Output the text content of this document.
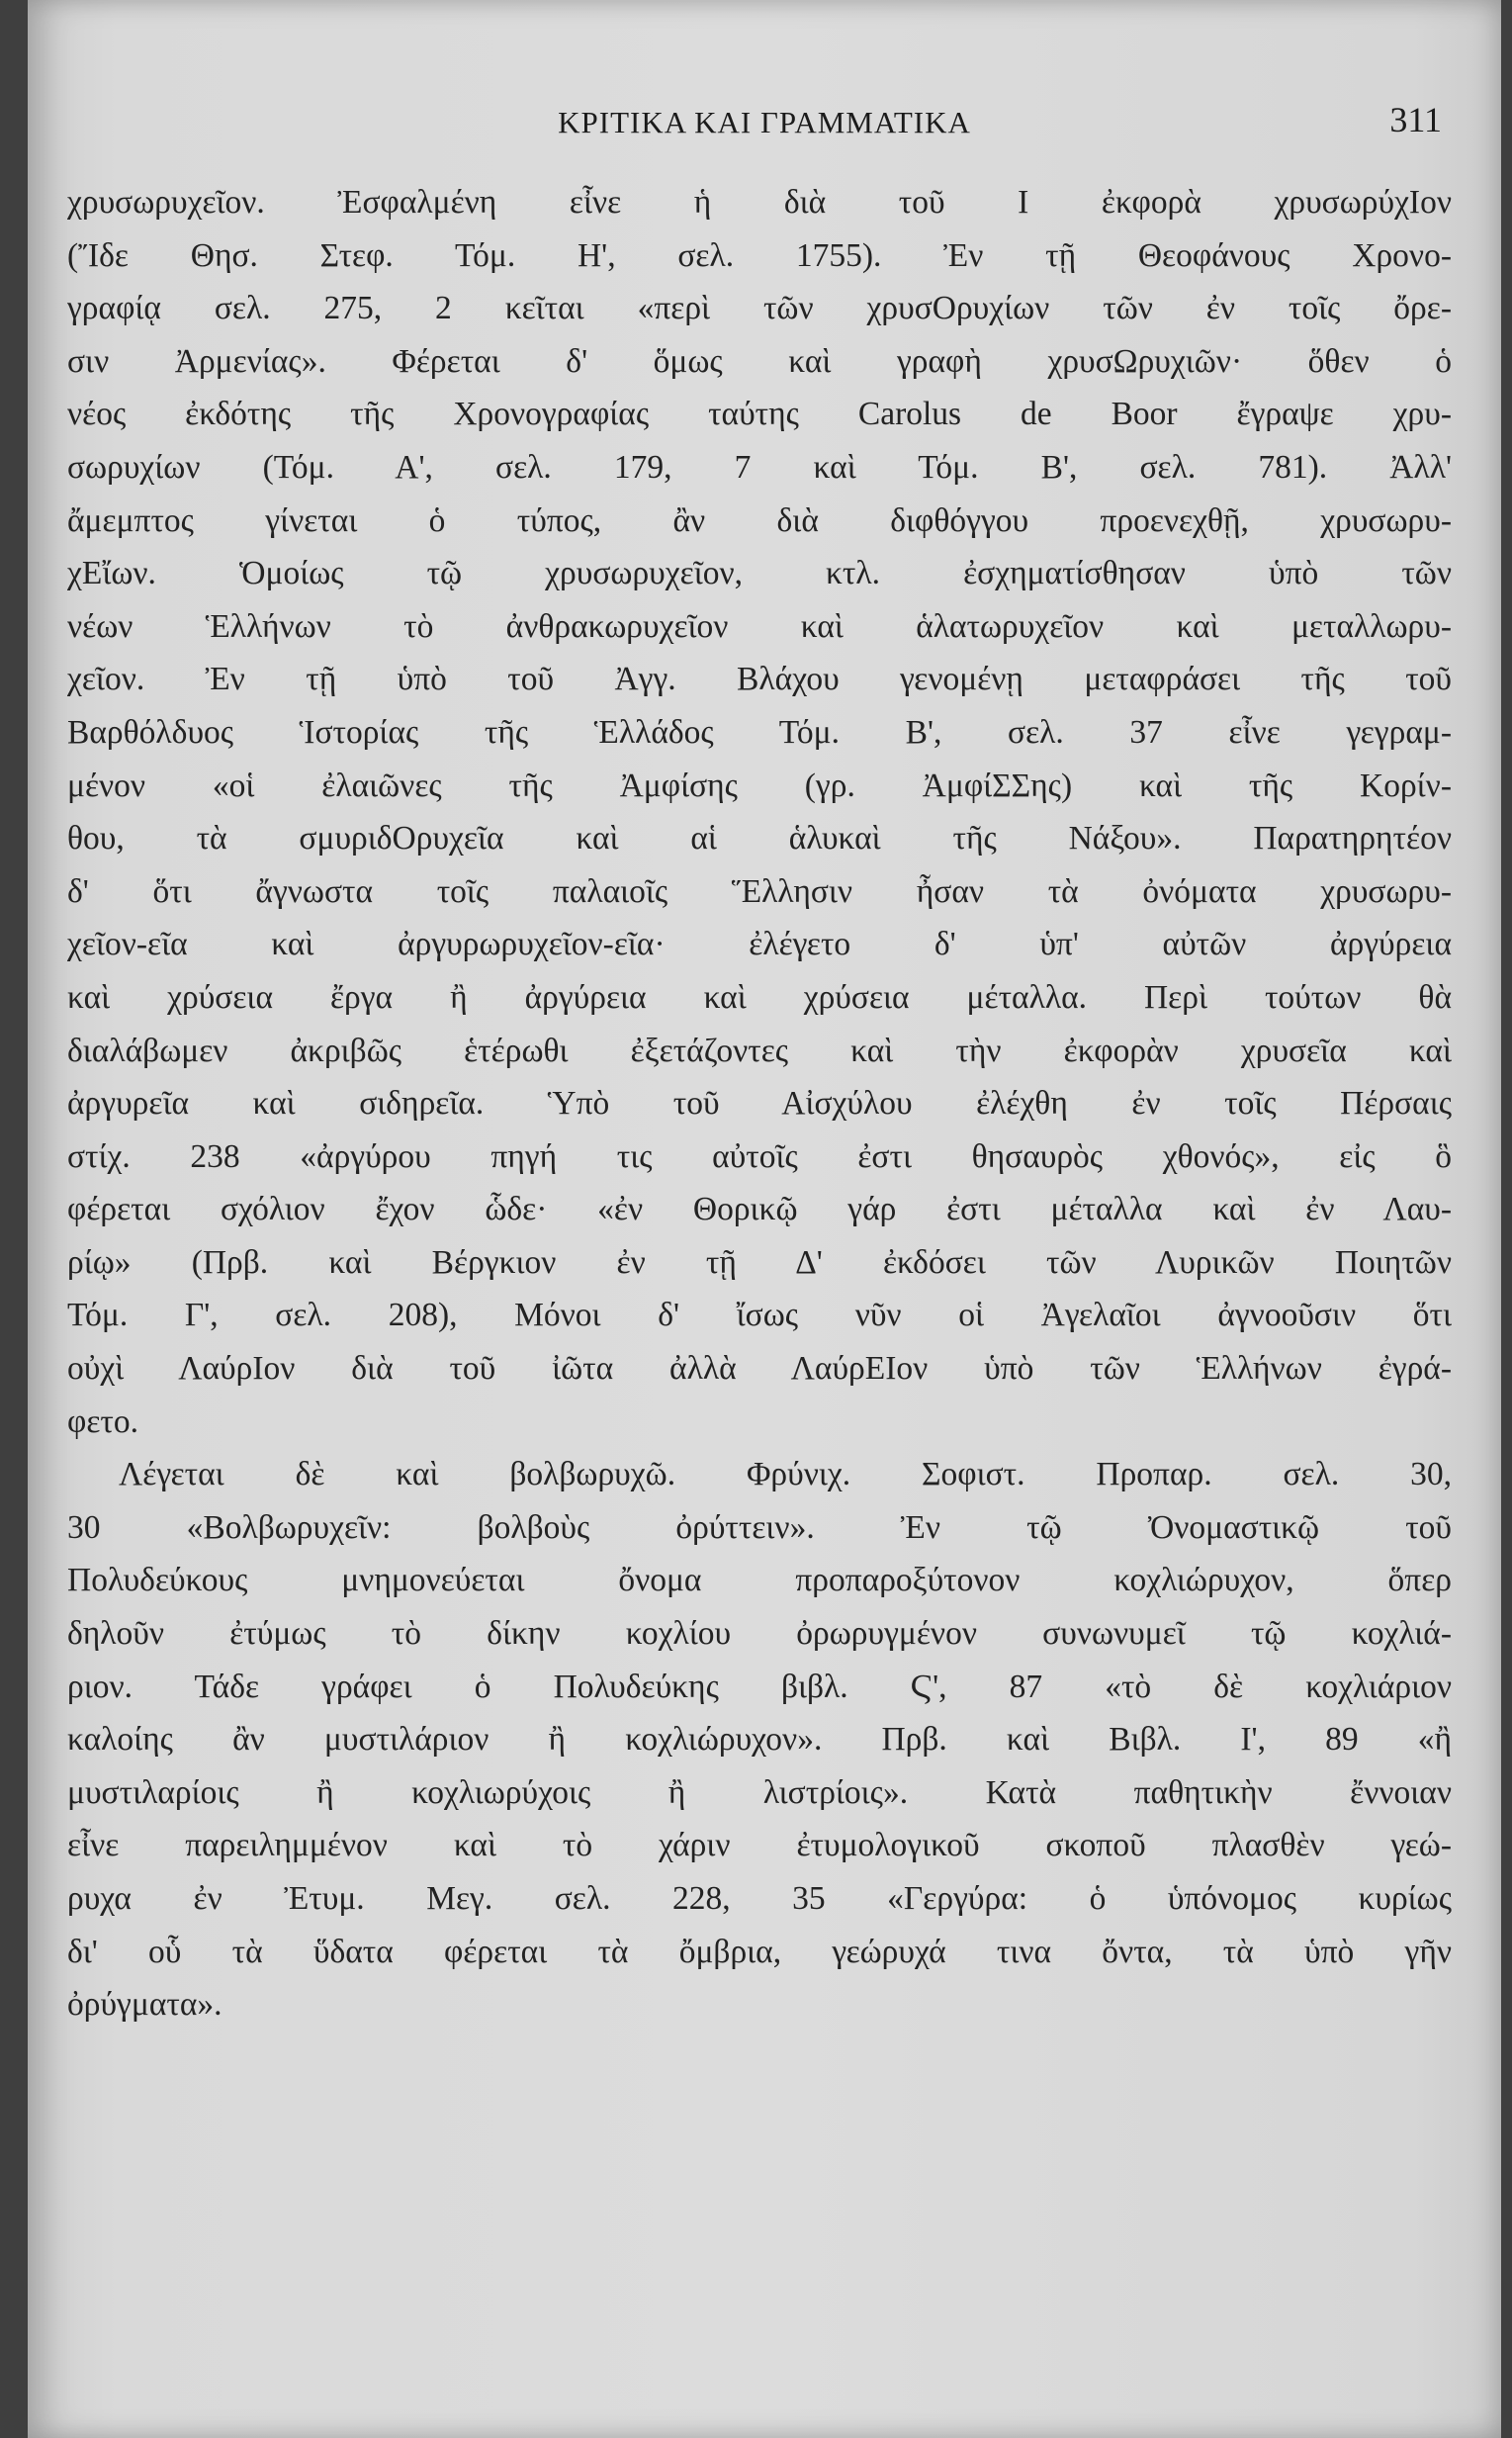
ΚΡΙΤΙΚΑ ΚΑΙ ΓΡΑΜΜΑΤΙΚΑ	311
χρυσωρυχεῖον. Ἐσφαλμένη εἶνε ἡ διὰ τοῦ Ι ἐκφορὰ χρυσωρύχΙον
(Ἴδε Θησ. Στεφ. Τόμ. Η', σελ. 1755). Ἐν τῇ Θεοφάνους Χρονο-
γραφίᾳ σελ. 275, 2 κεῖται «περὶ τῶν χρυσΟρυχίων τῶν ἐν τοῖς ὄρε-
σιν Ἀρμενίας». Φέρεται δ' ὅμως καὶ γραφὴ χρυσΩρυχιῶν· ὅθεν ὁ
νέος ἐκδότης τῆς Χρονογραφίας ταύτης Carolus de Boor ἔγραψε χρυ-
σωρυχίων (Τόμ. Α', σελ. 179, 7 καὶ Τόμ. Β', σελ. 781). Ἀλλ'
ἄμεμπτος γίνεται ὁ τύπος, ἂν διὰ διφθόγγου προενεχθῇ, χρυσωρυ-
χΕἴων. Ὁμοίως τῷ χρυσωρυχεῖον, κτλ. ἐσχηματίσθησαν ὑπὸ τῶν
νέων Ἑλλήνων τὸ ἀνθρακωρυχεῖον καὶ ἁλατωρυχεῖον καὶ μεταλλωρυ-
χεῖον. Ἐν τῇ ὑπὸ τοῦ Ἀγγ. Βλάχου γενομένῃ μεταφράσει τῆς τοῦ
Βαρθόλδυος Ἱστορίας τῆς Ἑλλάδος Τόμ. Β', σελ. 37 εἶνε γεγραμ-
μένον «οἱ ἐλαιῶνες τῆς Ἀμφίσης (γρ. ἈμφίΣΣης) καὶ τῆς Κορίν-
θου, τὰ σμυριδΟρυχεῖα καὶ αἱ ἁλυκαὶ τῆς Νάξου». Παρατηρητέον
δ' ὅτι ἄγνωστα τοῖς παλαιοῖς Ἕλλησιν ἦσαν τὰ ὀνόματα χρυσωρυ-
χεῖον-εῖα καὶ ἀργυρωρυχεῖον-εῖα· ἐλέγετο δ' ὑπ' αὐτῶν ἀργύρεια
καὶ χρύσεια ἔργα ἢ ἀργύρεια καὶ χρύσεια μέταλλα. Περὶ τούτων θὰ
διαλάβωμεν ἀκριβῶς ἑτέρωθι ἐξετάζοντες καὶ τὴν ἐκφορὰν χρυσεῖα καὶ
ἀργυρεῖα καὶ σιδηρεῖα. Ὑπὸ τοῦ Αἰσχύλου ἐλέχθη ἐν τοῖς Πέρσαις
στίχ. 238 «ἀργύρου πηγή τις αὐτοῖς ἐστι θησαυρὸς χθονός», εἰς ὃ
φέρεται σχόλιον ἔχον ὧδε· «ἐν Θορικῷ γάρ ἐστι μέταλλα καὶ ἐν Λαυ-
ρίῳ» (Πρβ. καὶ Βέργκιον ἐν τῇ Δ' ἐκδόσει τῶν Λυρικῶν Ποιητῶν
Τόμ. Γ', σελ. 208), Μόνοι δ' ἴσως νῦν οἱ Ἀγελαῖοι ἀγνοοῦσιν ὅτι
οὐχὶ ΛαύρΙον διὰ τοῦ ἰῶτα ἀλλὰ ΛαύρΕΙον ὑπὸ τῶν Ἑλλήνων ἐγρά-
φετο.
Λέγεται δὲ καὶ βολβωρυχῶ. Φρύνιχ. Σοφιστ. Προπαρ. σελ. 30,
30 «Βολβωρυχεῖν: βολβοὺς ὀρύττειν». Ἐν τῷ Ὀνομαστικῷ τοῦ
Πολυδεύκους μνημονεύεται ὄνομα προπαροξύτονον κοχλιώρυχον, ὅπερ
δηλοῦν ἐτύμως τὸ δίκην κοχλίου ὀρωρυγμένον συνωνυμεῖ τῷ κοχλιά-
ριον. Τάδε γράφει ὁ Πολυδεύκης βιβλ. Ϛ', 87 «τὸ δὲ κοχλιάριον
καλοίης ἂν μυστιλάριον ἢ κοχλιώρυχον». Πρβ. καὶ Βιβλ. Ι', 89 «ἢ
μυστιλαρίοις ἢ κοχλιωρύχοις ἢ λιστρίοις». Κατὰ παθητικὴν ἔννοιαν
εἶνε παρειλημμένον καὶ τὸ χάριν ἐτυμολογικοῦ σκοποῦ πλασθὲν γεώ-
ρυχα ἐν Ἐτυμ. Μεγ. σελ. 228, 35 «Γεργύρα: ὁ ὑπόνομος κυρίως
δι' οὗ τὰ ὕδατα φέρεται τὰ ὄμβρια, γεώρυχά τινα ὄντα, τὰ ὑπὸ γῆν
ὀρύγματα».
